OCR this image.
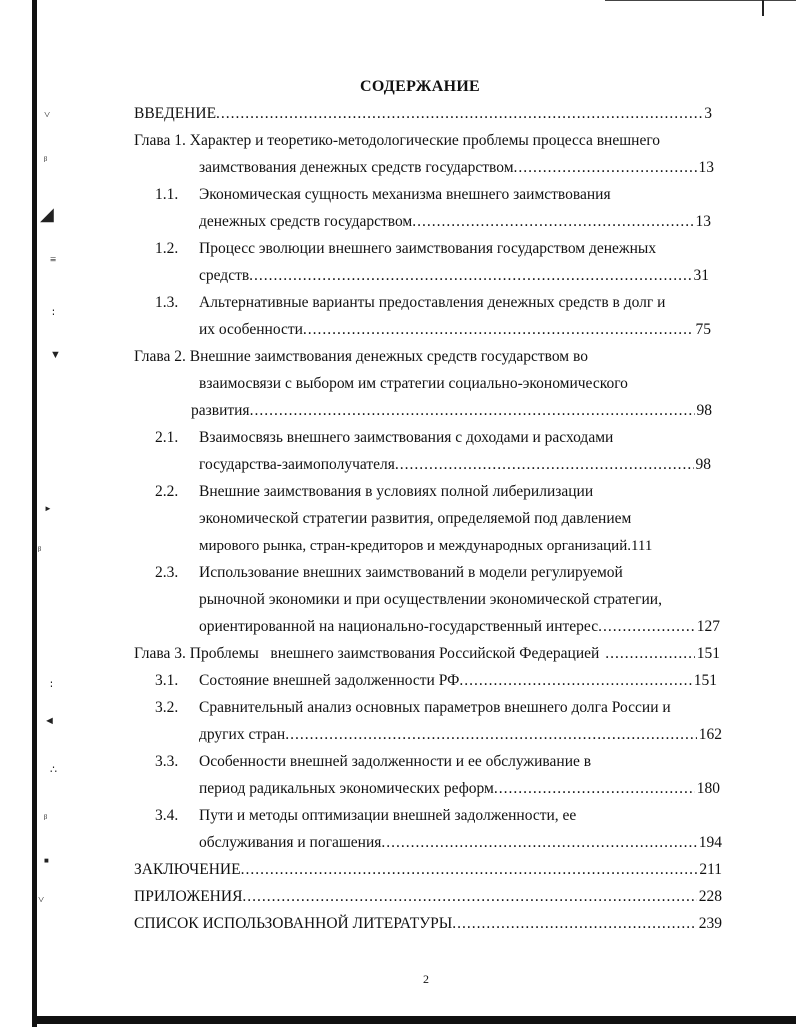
˅
ᵦ
◢
≡
∶
▼
►
ᵦ
∶
◄
∴
ᵦ
■
˅
СОДЕРЖАНИЕ
ВВЕДЕНИЕ .....	3
Глава 1. Характер и теоретико-методологические проблемы процесса внешнего
заимствования денежных средств государством .....	13
1.1. Экономическая сущность механизма внешнего заимствования
денежных средств государством .....	13
1.2. Процесс эволюции внешнего заимствования государством денежных
средств .....	31
1.3. Альтернативные варианты предоставления денежных средств в долг и
их особенности .....	75
Глава 2. Внешние заимствования денежных средств государством во
взаимосвязи с выбором им стратегии социально-экономического
развития .....	98
2.1. Взаимосвязь внешнего заимствования с доходами и расходами
государства-заимополучателя .....	98
2.2. Внешние заимствования в условиях полной либерилизации
экономической стратегии развития, определяемой под давлением
мирового рынка, стран-кредиторов и международных организаций.111
2.3. Использование внешних заимствований в модели регулируемой
рыночной экономики и при осуществлении экономической стратегии,
ориентированной на национально-государственный интерес .....	127
Глава 3. Проблемы   внешнего заимствования Российской Федерацией .....	151
3.1.	Состояние внешней задолженности РФ .....	151
3.2. Сравнительный анализ основных параметров внешнего долга России и
других стран .....	162
3.3. Особенности внешней задолженности и ее обслуживание в
период радикальных экономических реформ .....	180
3.4. Пути и методы оптимизации внешней задолженности, ее
обслуживания и погашения .....	194
ЗАКЛЮЧЕНИЕ .....	211
ПРИЛОЖЕНИЯ .....	228
СПИСОК ИСПОЛЬЗОВАННОЙ ЛИТЕРАТУРЫ .....	239
2
